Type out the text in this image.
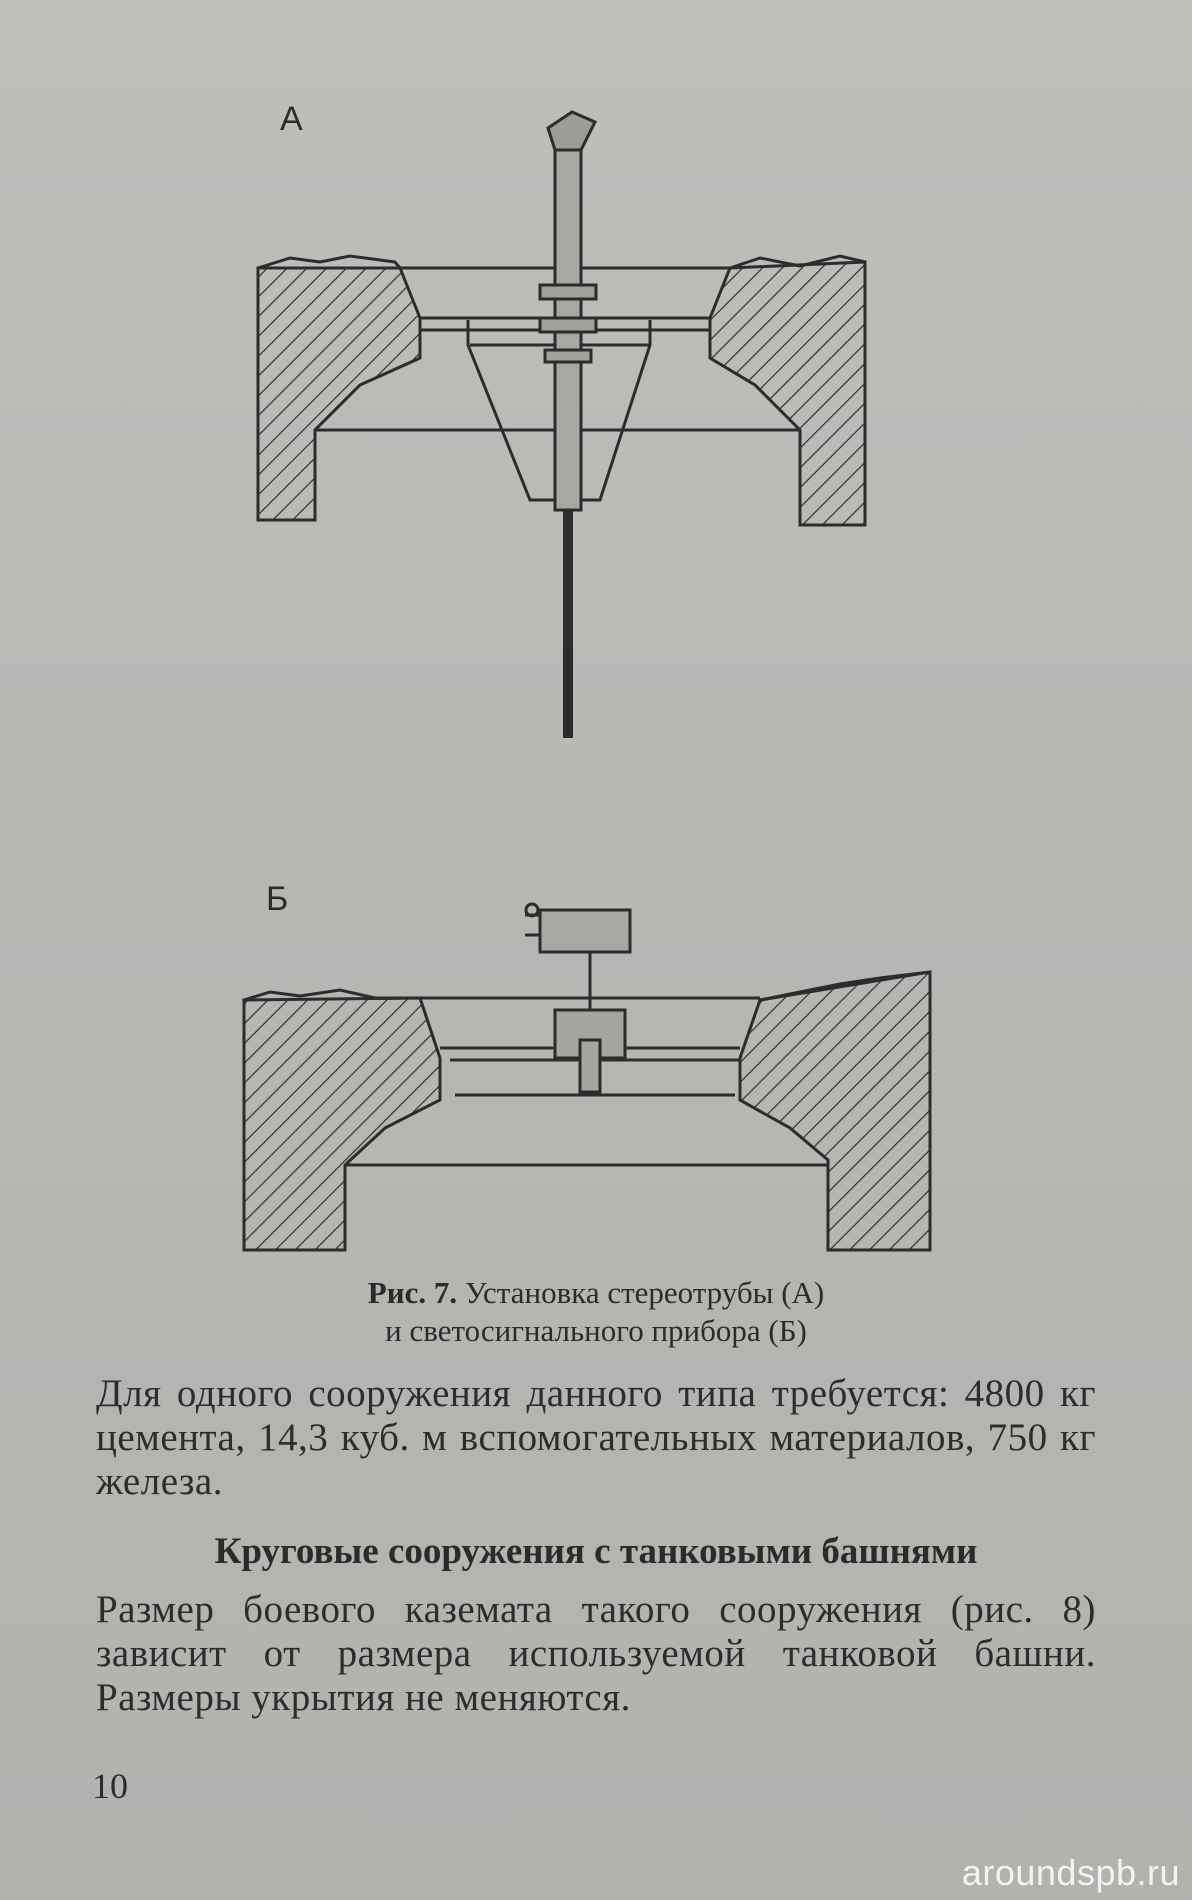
А
Б
Рис. 7. Установка стереотрубы (А)
и светосигнального прибора (Б)
Для одного сооружения данного типа требуется: 4800 кг цемента, 14,3 куб. м вспомогательных материалов, 750 кг железа.
Круговые сооружения с танковыми башнями
Размер боевого каземата такого сооружения (рис. 8) зависит от размера используемой танковой башни. Размеры укрытия не меняются.
10
aroundspb.ru
